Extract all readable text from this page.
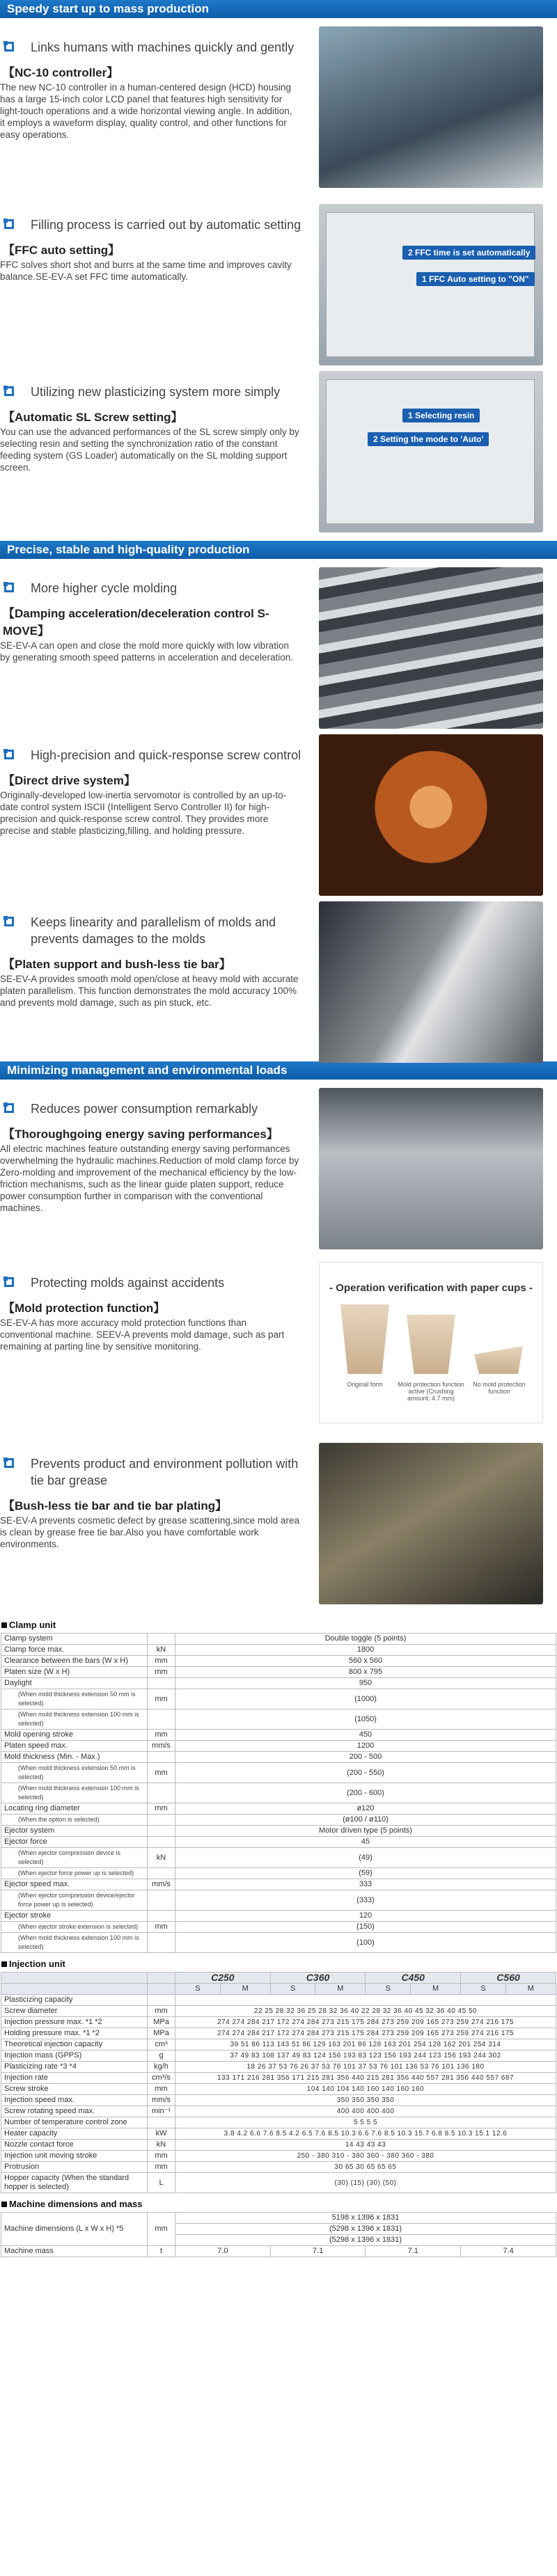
Speedy start up to mass production
Links humans with machines quickly and gently
【NC-10 controller】
The new NC-10 controller in a human-centered design (HCD) housing has a large 15-inch color LCD panel that features high sensitivity for light-touch operations and a wide horizontal viewing angle. In addition, it employs a waveform display, quality control, and other functions for easy operations.
Filling process is carried out by automatic setting
【FFC auto setting】
FFC solves short shot and burrs at the same time and improves cavity balance.SE-EV-A set FFC time automatically.
2 FFC time is set automatically
1 FFC Auto setting to "ON"
Utilizing new plasticizing system more simply
【Automatic SL Screw setting】
You can use the advanced performances of the SL screw simply only by selecting resin and setting the synchronization ratio of the constant feeding system (GS Loader) automatically on the SL molding support screen.
1 Selecting resin
2 Setting the mode to 'Auto'
Precise, stable and high-quality production
More higher cycle molding
【Damping acceleration/deceleration control S-MOVE】
SE-EV-A can open and close the mold more quickly with low vibration by generating smooth speed patterns in acceleration and deceleration.
High-precision and quick-response screw control
【Direct drive system】
Originally-developed low-inertia servomotor is controlled by an up-to-date control system ISCII (Intelligent Servo Controller II) for high-precision and quick-response screw control. They provides more precise and stable plasticizing,filling, and holding pressure.
Keeps linearity and parallelism of molds and prevents damages to the molds
【Platen support and bush-less tie bar】
SE-EV-A provides smooth mold open/close at heavy mold with accurate platen parallelism. This function demonstrates the mold accuracy 100% and prevents mold damage, such as pin stuck, etc.
Minimizing management and environmental loads
Reduces power consumption remarkably
【Thoroughgoing energy saving performances】
All electric machines feature outstanding energy saving performances overwhelming the hydraulic machines.Reduction of mold clamp force by Zero-molding and improvement of the mechanical efficiency by the low-friction mechanisms, such as the linear guide platen support, reduce power consumption further in comparison with the conventional machines.
Protecting molds against accidents
【Mold protection function】
SE-EV-A has more accuracy mold protection functions than conventional machine. SEEV-A prevents mold damage, such as part remaining at parting line by sensitive monitoring.
- Operation verification with paper cups -
Original form	Mold protection function active (Crushing amount: 4.7 mm)
No mold protection function
Prevents product and environment pollution with tie bar grease
【Bush-less tie bar and tie bar plating】
SE-EV-A prevents cosmetic defect by grease scattering,since mold area is clean by grease free tie bar.Also you have comfortable work environments.
Clamp unit
Clamp system		Double toggle (5 points)
Clamp force max.	kN	1800
Clearance between the bars (W x H)	mm	560 x 560
Platen size (W x H)	mm	800 x 795
Daylight		950
(When mold thickness extension 50 mm is selected)	mm	(1000)
(When mold thickness extension 100 mm is selected)		(1050)
Mold opening stroke	mm	450
Platen speed max.	mm/s	1200
Mold thickness (Min. - Max.)		200 - 500
(When mold thickness extension 50 mm is selected)	mm	(200 - 550)
(When mold thickness extension 100 mm is selected)		(200 - 600)
Locating ring diameter	mm	ø120
(When the option is selected)		(ø100 / ø110)
Ejector system		Motor driven type (5 points)
Ejector force		45
(When ejector compression device is selected)	kN	(49)
(When ejector force power up is selected)		(59)
Ejector speed max.	mm/s	333
(When ejector compression device/ejector force power up is selected)		(333)
Ejector stroke		120
(When ejector stroke extension is selected)	mm	(150)
(When mold thickness extension 100 mm is selected)		(100)
Injection unit
		C250		C360		C450		C560	
		S	M	S	M	S	M	S	M
Plasticizing capacity									
Screw diameter	mm	22 25 28 32 36 25 28 32 36 40 22 28 32 36 40 45 32 36 40 45 50							
Injection pressure max. *1 *2	MPa	274 274 284 217 172 274 284 273 215 175 284 273 259 209 165 273 259 274 216 175							
Holding pressure max. *1 *2	MPa	274 274 284 217 172 274 284 273 215 175 284 273 259 209 165 273 259 274 216 175							
Theoretical injection capacity	cm³	39 51 86 113 143 51 86 129 163 201 86 128 163 201 254 128 162 201 254 314							
Injection mass (GPPS)	g	37 49 83 108 137 49 83 124 156 193 83 123 156 193 244 123 156 193 244 302							
Plasticizing rate *3 *4	kg/h	18 26 37 53 76 26 37 53 76 101 37 53 76 101 136 53 76 101 136 180							
Injection rate	cm³/s	133 171 216 281 356 171 215 281 356 440 215 281 356 440 557 281 356 440 557 687							
Screw stroke	mm	104 140 104 140 160 140 160 160							
Injection speed max.	mm/s	350 350 350 350							
Screw rotating speed max.	min⁻¹	400 400 400 400							
Number of temperature control zone		5 5 5 5							
Heater capacity	kW	3.8 4.2 6.6 7.6 8.5 4.2 6.5 7.6 8.5 10.3 6.6 7.6 8.5 10.3 15.7 6.8 8.5 10.3 15.1 12.6							
Nozzle contact force	kN	14 43 43 43							
Injection unit moving stroke	mm	250 - 380 310 - 380 360 - 380 360 - 380							
Protrusion	mm	30 65 30 65 65 65							
Hopper capacity (When the standard hopper is selected)	L	(30) (15) (30) (50)							
Machine dimensions and mass
Machine dimensions (L x W x H) *5	mm	5198 x 1396 x 1831			
		(5298 x 1396 x 1831)			
		(5298 x 1396 x 1831)			
Machine mass	t	7.0	7.1	7.1	7.4
